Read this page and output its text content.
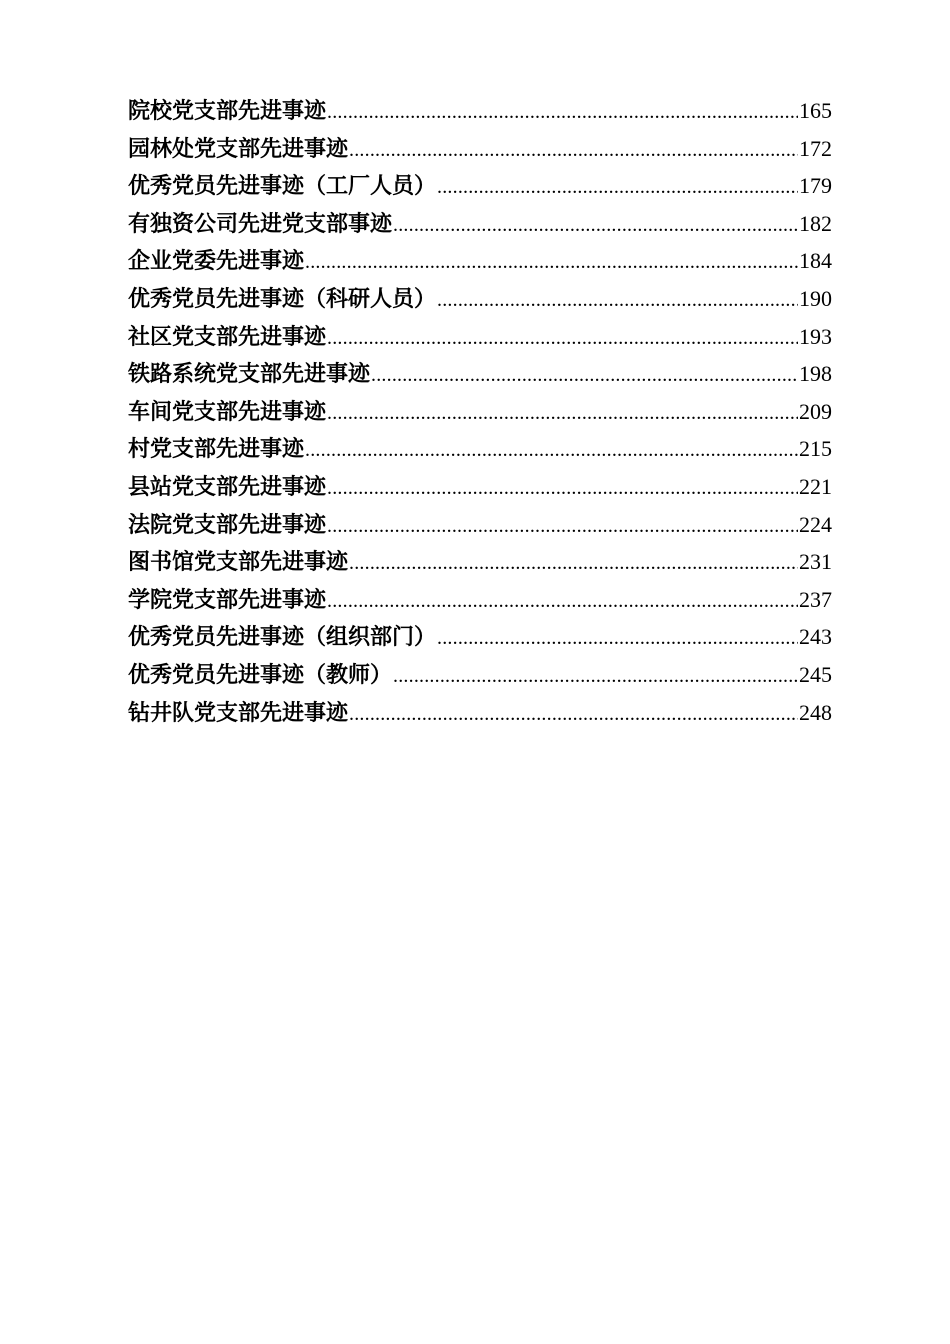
院校党支部先进事迹 .....	165
园林处党支部先进事迹 .....	172
优秀党员先进事迹（工厂人员） .....	179
有独资公司先进党支部事迹 .....	182
企业党委先进事迹 .....	184
优秀党员先进事迹（科研人员） .....	190
社区党支部先进事迹 .....	193
铁路系统党支部先进事迹 .....	198
车间党支部先进事迹 .....	209
村党支部先进事迹 .....	215
县站党支部先进事迹 .....	221
法院党支部先进事迹 .....	224
图书馆党支部先进事迹 .....	231
学院党支部先进事迹 .....	237
优秀党员先进事迹（组织部门） .....	243
优秀党员先进事迹（教师） .....	245
钻井队党支部先进事迹 .....	248
